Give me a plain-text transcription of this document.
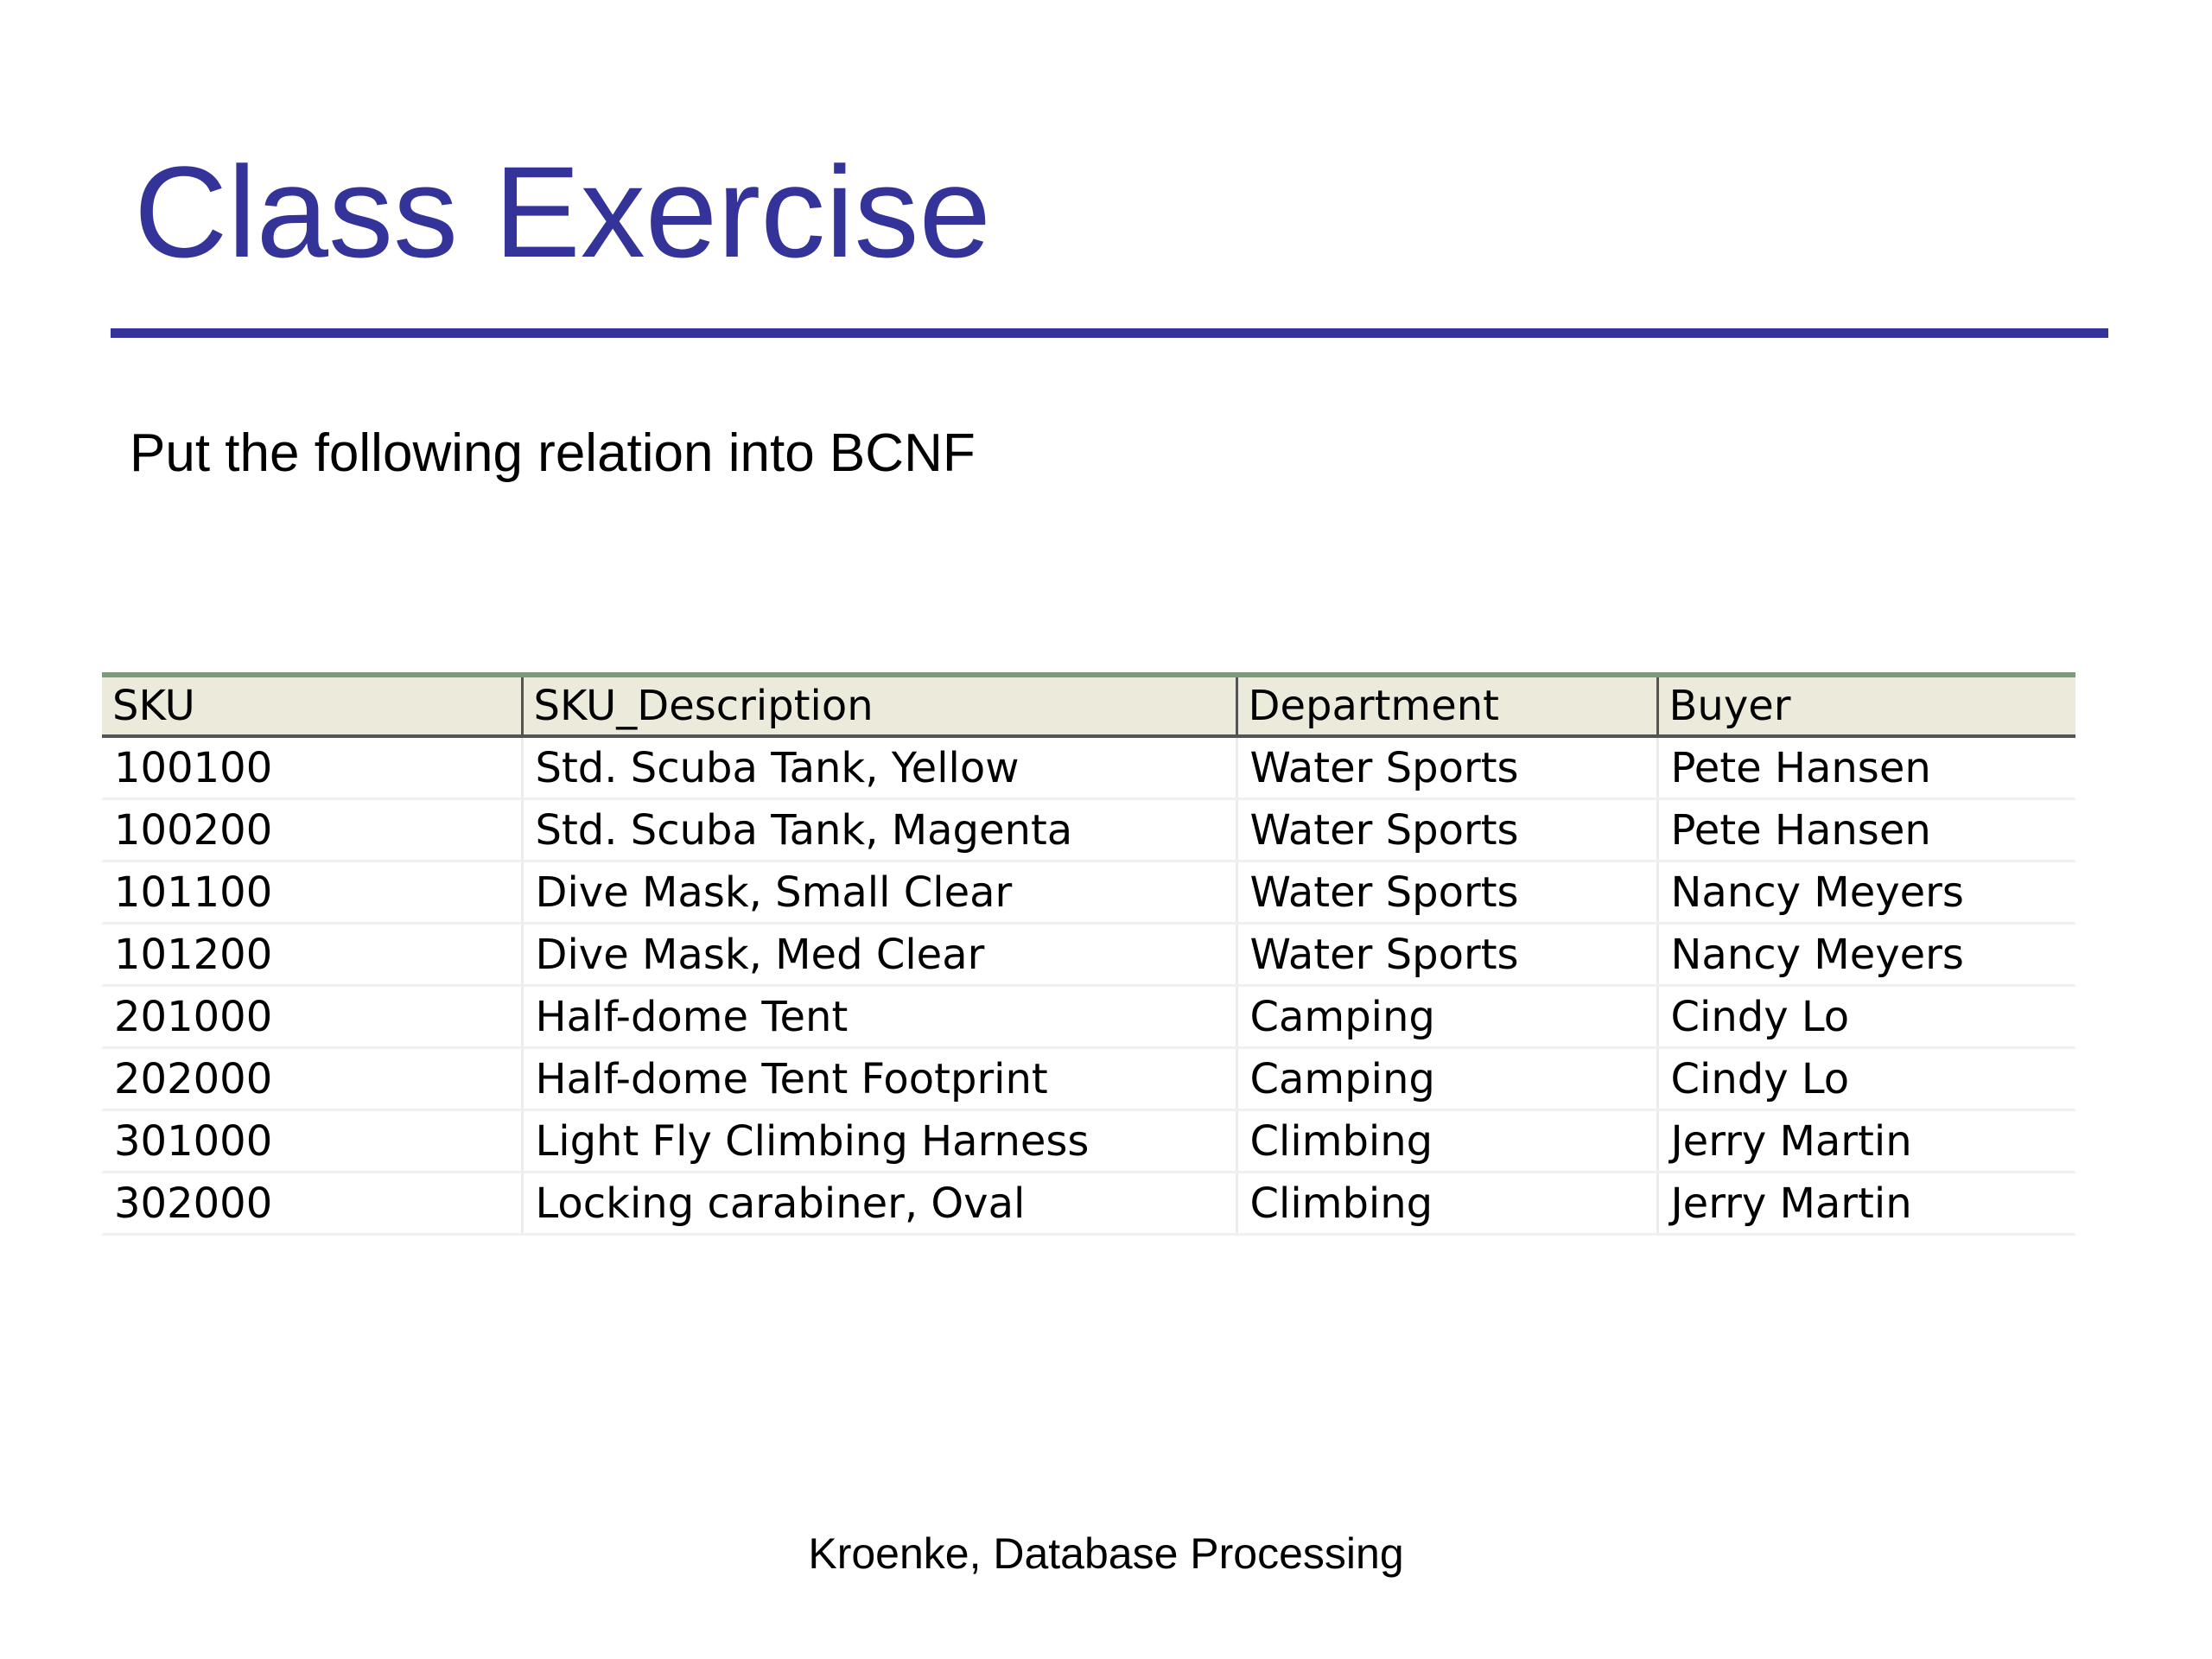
Class Exercise

Put the following relation into BCNF

SKU	SKU_Description	Department	Buyer
100100	Std. Scuba Tank, Yellow	Water Sports	Pete Hansen
100200	Std. Scuba Tank, Magenta	Water Sports	Pete Hansen
101100	Dive Mask, Small Clear	Water Sports	Nancy Meyers
101200	Dive Mask, Med Clear	Water Sports	Nancy Meyers
201000	Half-dome Tent	Camping	Cindy Lo
202000	Half-dome Tent Footprint	Camping	Cindy Lo
301000	Light Fly Climbing Harness	Climbing	Jerry Martin
302000	Locking carabiner, Oval	Climbing	Jerry Martin

Kroenke, Database Processing
